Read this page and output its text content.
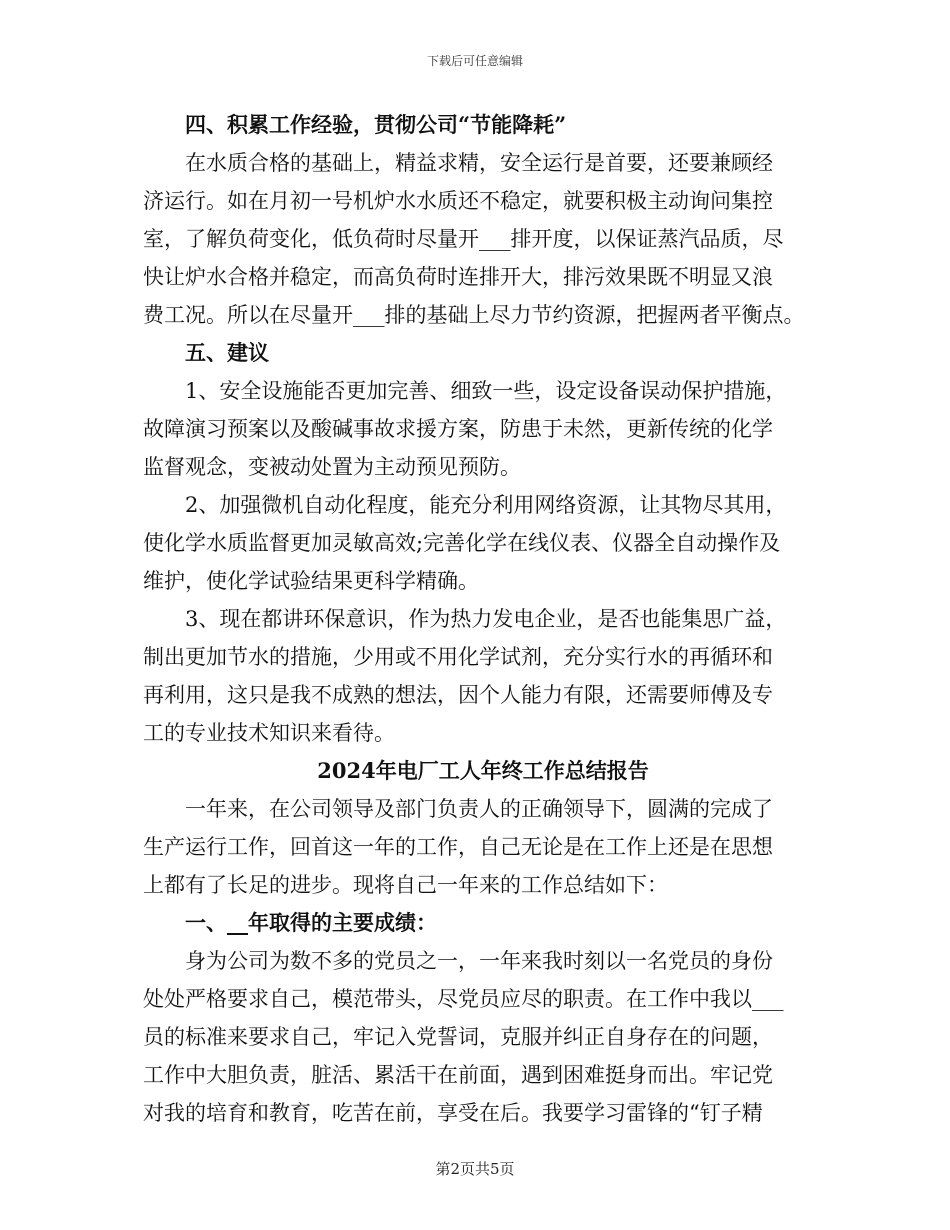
下载后可任意编辑
四、积累工作经验，贯彻公司“节能降耗”
在水质合格的基础上，精益求精，安全运行是首要，还要兼顾经
济运行。如在月初一号机炉水水质还不稳定，就要积极主动询问集控
室，了解负荷变化，低负荷时尽量开___排开度，以保证蒸汽品质，尽
快让炉水合格并稳定，而高负荷时连排开大，排污效果既不明显又浪
费工况。所以在尽量开___排的基础上尽力节约资源，把握两者平衡点。
五、建议
1、安全设施能否更加完善、细致一些，设定设备误动保护措施，
故障演习预案以及酸碱事故求援方案，防患于未然，更新传统的化学
监督观念，变被动处置为主动预见预防。
2、加强微机自动化程度，能充分利用网络资源，让其物尽其用，
使化学水质监督更加灵敏高效;完善化学在线仪表、仪器全自动操作及
维护，使化学试验结果更科学精确。
3、现在都讲环保意识，作为热力发电企业，是否也能集思广益，
制出更加节水的措施，少用或不用化学试剂，充分实行水的再循环和
再利用，这只是我不成熟的想法，因个人能力有限，还需要师傅及专
工的专业技术知识来看待。
2024年电厂工人年终工作总结报告
一年来，在公司领导及部门负责人的正确领导下，圆满的完成了
生产运行工作，回首这一年的工作，自己无论是在工作上还是在思想
上都有了长足的进步。现将自己一年来的工作总结如下：
一、__年取得的主要成绩：
身为公司为数不多的党员之一，一年来我时刻以一名党员的身份
处处严格要求自己，模范带头，尽党员应尽的职责。在工作中我以___
员的标准来要求自己，牢记入党誓词，克服并纠正自身存在的问题，
工作中大胆负责，脏活、累活干在前面，遇到困难挺身而出。牢记党
对我的培育和教育，吃苦在前，享受在后。我要学习雷锋的“钉子精
第2页共5页
